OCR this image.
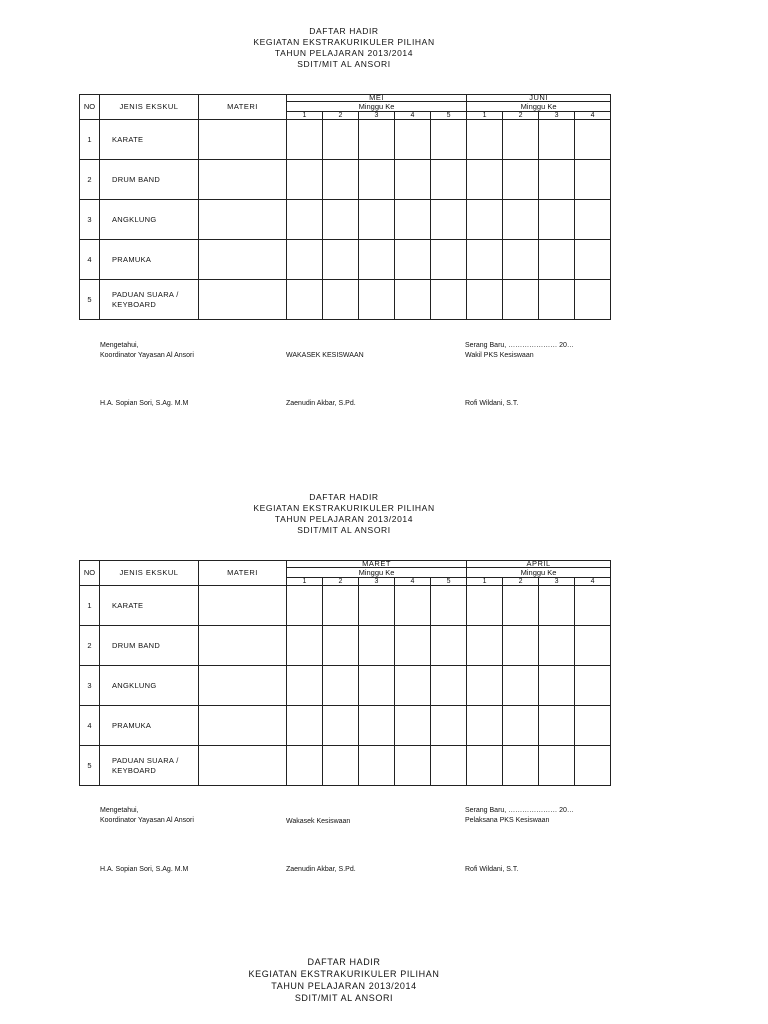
DAFTAR HADIR
KEGIATAN EKSTRAKURIKULER PILIHAN
TAHUN PELAJARAN 2013/2014
SDIT/MIT AL ANSORI
NO	JENIS EKSKUL	MATERI	MEI					JUNI			
			Minggu Ke					Minggu Ke			
			1	2	3	4	5	1	2	3	4
1	KARATE										
2	DRUM BAND										
3	ANGKLUNG										
4	PRAMUKA										
5	PADUAN SUARA / KEYBOARD										
Mengetahui,
Koordinator Yayasan Al Ansori	WAKASEK KESISWAAN
Serang Baru, ………………… 20…
Wakil PKS Kesiswaan
H.A. Sopian Sori, S.Ag. M.M	Zaenudin Akbar, S.Pd.	Rofi Wildani, S.T.
DAFTAR HADIR
KEGIATAN EKSTRAKURIKULER PILIHAN
TAHUN PELAJARAN 2013/2014
SDIT/MIT AL ANSORI
NO	JENIS EKSKUL	MATERI	MARET					APRIL			
			Minggu Ke					Minggu Ke			
			1	2	3	4	5	1	2	3	4
1	KARATE										
2	DRUM BAND										
3	ANGKLUNG										
4	PRAMUKA										
5	PADUAN SUARA / KEYBOARD										
Mengetahui,
Koordinator Yayasan Al Ansori	Wakasek Kesiswaan
Serang Baru, ………………… 20…
Pelaksana PKS Kesiswaan
H.A. Sopian Sori, S.Ag. M.M	Zaenudin Akbar, S.Pd.	Rofi Wildani, S.T.
DAFTAR HADIR
KEGIATAN EKSTRAKURIKULER PILIHAN
TAHUN PELAJARAN 2013/2014
SDIT/MIT AL ANSORI
